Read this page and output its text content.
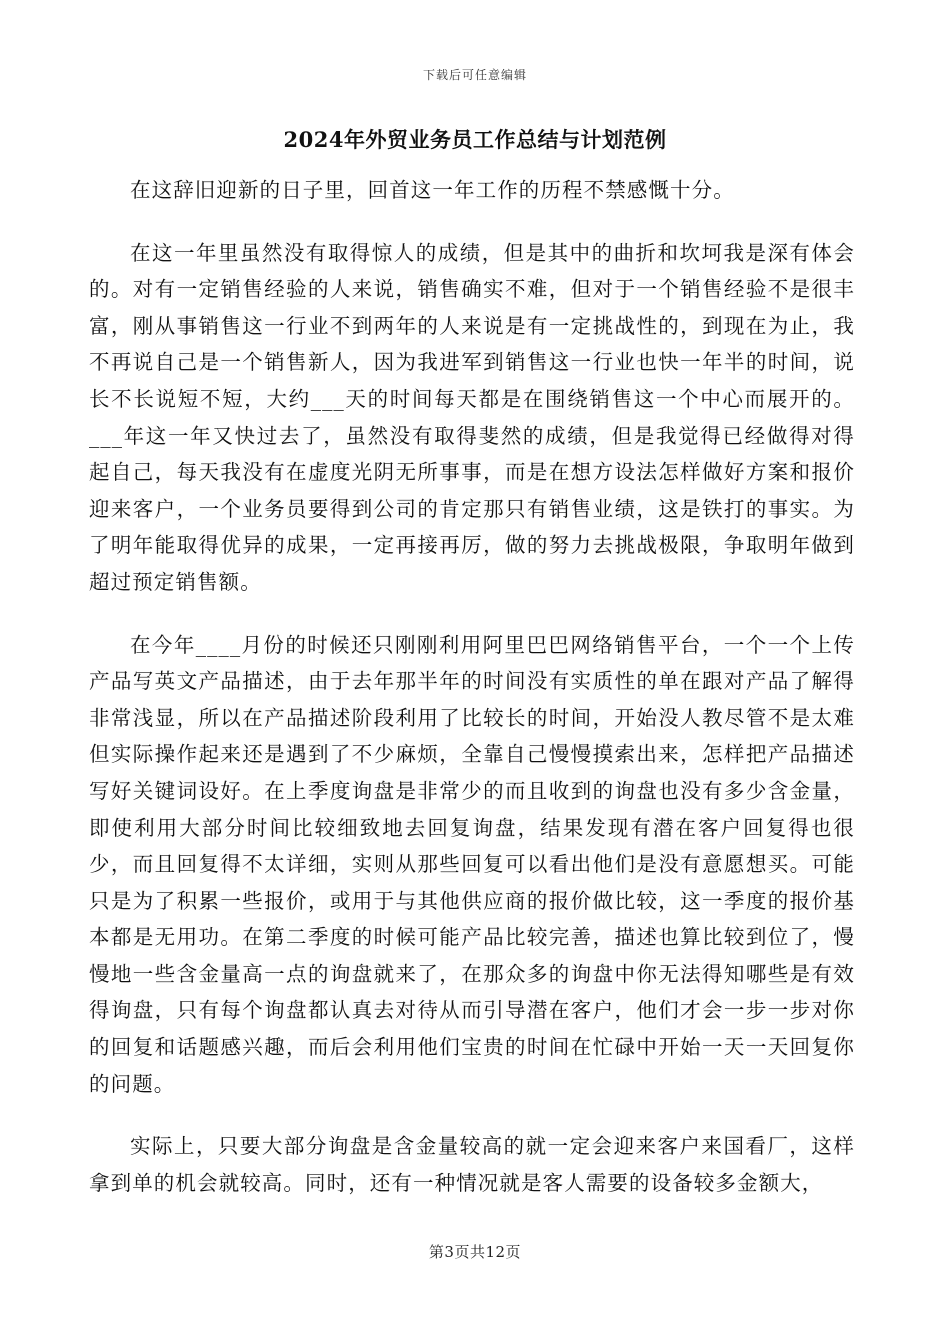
下载后可任意编辑
2024年外贸业务员工作总结与计划范例

在这辞旧迎新的日子里，回首这一年工作的历程不禁感慨十分。

在这一年里虽然没有取得惊人的成绩，但是其中的曲折和坎坷我是深有体会的。对有一定销售经验的人来说，销售确实不难，但对于一个销售经验不是很丰富，刚从事销售这一行业不到两年的人来说是有一定挑战性的，到现在为止，我不再说自己是一个销售新人，因为我进军到销售这一行业也快一年半的时间，说长不长说短不短，大约___天的时间每天都是在围绕销售这一个中心而展开的。___年这一年又快过去了，虽然没有取得斐然的成绩，但是我觉得已经做得对得起自己，每天我没有在虚度光阴无所事事，而是在想方设法怎样做好方案和报价迎来客户，一个业务员要得到公司的肯定那只有销售业绩，这是铁打的事实。为了明年能取得优异的成果，一定再接再厉，做的努力去挑战极限，争取明年做到超过预定销售额。

在今年____月份的时候还只刚刚利用阿里巴巴网络销售平台，一个一个上传产品写英文产品描述，由于去年那半年的时间没有实质性的单在跟对产品了解得非常浅显，所以在产品描述阶段利用了比较长的时间，开始没人教尽管不是太难但实际操作起来还是遇到了不少麻烦，全靠自己慢慢摸索出来，怎样把产品描述写好关键词设好。在上季度询盘是非常少的而且收到的询盘也没有多少含金量，即使利用大部分时间比较细致地去回复询盘，结果发现有潜在客户回复得也很少，而且回复得不太详细，实则从那些回复可以看出他们是没有意愿想买。可能只是为了积累一些报价，或用于与其他供应商的报价做比较，这一季度的报价基本都是无用功。在第二季度的时候可能产品比较完善，描述也算比较到位了，慢慢地一些含金量高一点的询盘就来了，在那众多的询盘中你无法得知哪些是有效得询盘，只有每个询盘都认真去对待从而引导潜在客户，他们才会一步一步对你的回复和话题感兴趣，而后会利用他们宝贵的时间在忙碌中开始一天一天回复你的问题。

实际上，只要大部分询盘是含金量较高的就一定会迎来客户来国看厂，这样拿到单的机会就较高。同时，还有一种情况就是客人需要的设备较多金额大，

第3页共12页
